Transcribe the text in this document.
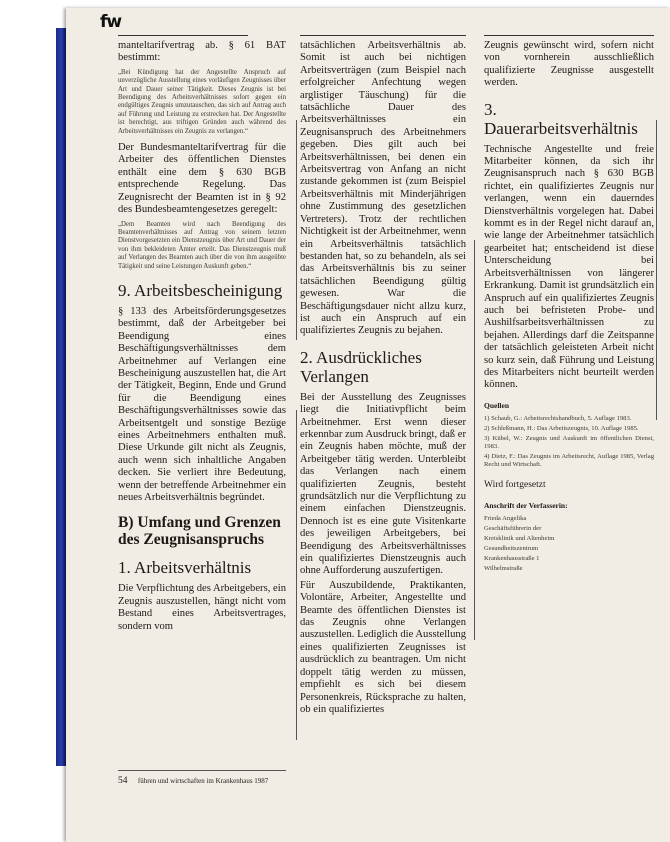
fw

manteltarifvertrag ab. § 61 BAT bestimmt:

„Bei Kündigung hat der Angestellte Anspruch auf unverzügliche Ausstellung eines vorläufigen Zeugnisses über Art und Dauer seiner Tätigkeit. Dieses Zeugnis ist bei Beendigung des Arbeitsverhältnisses sofort gegen ein endgültiges Zeugnis umzutauschen, das sich auf Antrag auch auf Führung und Leistung zu erstrecken hat. Der Angestellte ist berechtigt, aus triftigen Gründen auch während des Arbeitsverhältnisses ein Zeugnis zu verlangen.“

Der Bundesmanteltarifvertrag für die Arbeiter des öffentlichen Dienstes enthält eine dem § 630 BGB entsprechende Regelung. Das Zeugnisrecht der Beamten ist in § 92 des Bundesbeamtengesetzes geregelt:

„Dem Beamten wird nach Beendigung des Beamtenverhältnisses auf Antrag von seinem letzten Dienstvorgesetzten ein Dienstzeugnis über Art und Dauer der von ihm bekleideten Ämter erteilt. Das Dienstzeugnis muß auf Verlangen des Beamten auch über die von ihm ausgeübte Tätigkeit und seine Leistungen Auskunft geben.“

9. Arbeitsbescheinigung

§ 133 des Arbeitsförderungsgesetzes bestimmt, daß der Arbeitgeber bei Beendigung eines Beschäftigungsverhältnisses dem Arbeitnehmer auf Verlangen eine Bescheinigung auszustellen hat, die Art der Tätigkeit, Beginn, Ende und Grund für die Beendigung eines Beschäftigungsverhältnisses sowie das Arbeitsentgelt und sonstige Bezüge eines Arbeitnehmers enthalten muß. Diese Urkunde gilt nicht als Zeugnis, auch wenn sich inhaltliche Angaben decken. Sie verliert ihre Bedeutung, wenn der betreffende Arbeitnehmer ein neues Arbeitsverhältnis begründet.

B) Umfang und Grenzen des Zeugnisanspruchs
1. Arbeitsverhältnis

Die Verpflichtung des Arbeitgebers, ein Zeugnis auszustellen, hängt nicht vom Bestand eines Arbeitsvertrages, sondern vom

tatsächlichen Arbeitsverhältnis ab. Somit ist auch bei nichtigen Arbeitsverträgen (zum Beispiel nach erfolgreicher Anfechtung wegen arglistiger Täuschung) für die tatsächliche Dauer des Arbeitsverhältnisses ein Zeugnisanspruch des Arbeitnehmers gegeben. Dies gilt auch bei Arbeitsverhältnissen, bei denen ein Arbeitsvertrag von Anfang an nicht zustande gekommen ist (zum Beispiel Arbeitsverhältnis mit Minderjährigen ohne Zustimmung des gesetzlichen Vertreters). Trotz der rechtlichen Nichtigkeit ist der Arbeitnehmer, wenn ein Arbeitsverhältnis tatsächlich bestanden hat, so zu behandeln, als sei das Arbeitsverhältnis bis zu seiner tatsächlichen Beendigung gültig gewesen. War die Beschäftigungsdauer nicht allzu kurz, ist auch ein Anspruch auf ein qualifiziertes Zeugnis zu bejahen.

2. Ausdrückliches Verlangen

Bei der Ausstellung des Zeugnisses liegt die Initiativpflicht beim Arbeitnehmer. Erst wenn dieser erkennbar zum Ausdruck bringt, daß er ein Zeugnis haben möchte, muß der Arbeitgeber tätig werden. Unterbleibt das Verlangen nach einem qualifizierten Zeugnis, besteht grundsätzlich nur die Verpflichtung zu einem einfachen Dienstzeugnis. Dennoch ist es eine gute Visitenkarte des jeweiligen Arbeitgebers, bei Beendigung des Arbeitsverhältnisses ein qualifiziertes Dienstzeugnis auch ohne Aufforderung auszufertigen.

Für Auszubildende, Praktikanten, Volontäre, Arbeiter, Angestellte und Beamte des öffentlichen Dienstes ist das Zeugnis ohne Verlangen auszustellen. Lediglich die Ausstellung eines qualifizierten Zeugnisses ist ausdrücklich zu beantragen. Um nicht doppelt tätig werden zu müssen, empfiehlt es sich bei diesem Personenkreis, Rücksprache zu halten, ob ein qualifiziertes

Zeugnis gewünscht wird, sofern nicht von vornherein ausschließlich qualifizierte Zeugnisse ausgestellt werden.

3. Dauerarbeitsverhältnis

Technische Angestellte und freie Mitarbeiter können, da sich ihr Zeugnisanspruch nach § 630 BGB richtet, ein qualifiziertes Zeugnis nur verlangen, wenn ein dauerndes Dienstverhältnis vorgelegen hat. Dabei kommt es in der Regel nicht darauf an, wie lange der Arbeitnehmer tatsächlich gearbeitet hat; entscheidend ist diese Unterscheidung bei Arbeitsverhältnissen von längerer Erkrankung. Damit ist grundsätzlich ein Anspruch auf ein qualifiziertes Zeugnis auch bei befristeten Probe- und Aushilfsarbeitsverhältnissen zu bejahen. Allerdings darf die Zeitspanne der tatsächlich geleisteten Arbeit nicht so kurz sein, daß Führung und Leistung des Mitarbeiters nicht beurteilt werden können.

Quellen

1) Schaub, G.: Arbeitsrechtshandbuch, 5. Auflage 1983.

2) Schleßmann, H.: Das Arbeitszeugnis, 10. Auflage 1985.

3) Kübel, W.: Zeugnis und Auskunft im öffentlichen Dienst, 1983.

4) Dietz, F.: Das Zeugnis im Arbeitsrecht, Auflage 1985, Verlag Recht und Wirtschaft.

Wird fortgesetzt

Anschrift der Verfasserin:

Frieda Angelika

Geschäftsführerin der

Kreisklinik und Altenheim

Gesundheitszentrum

Krankenhausstraße 1

Wilhelmstraße

54 führen und wirtschaften im Krankenhaus 1987
